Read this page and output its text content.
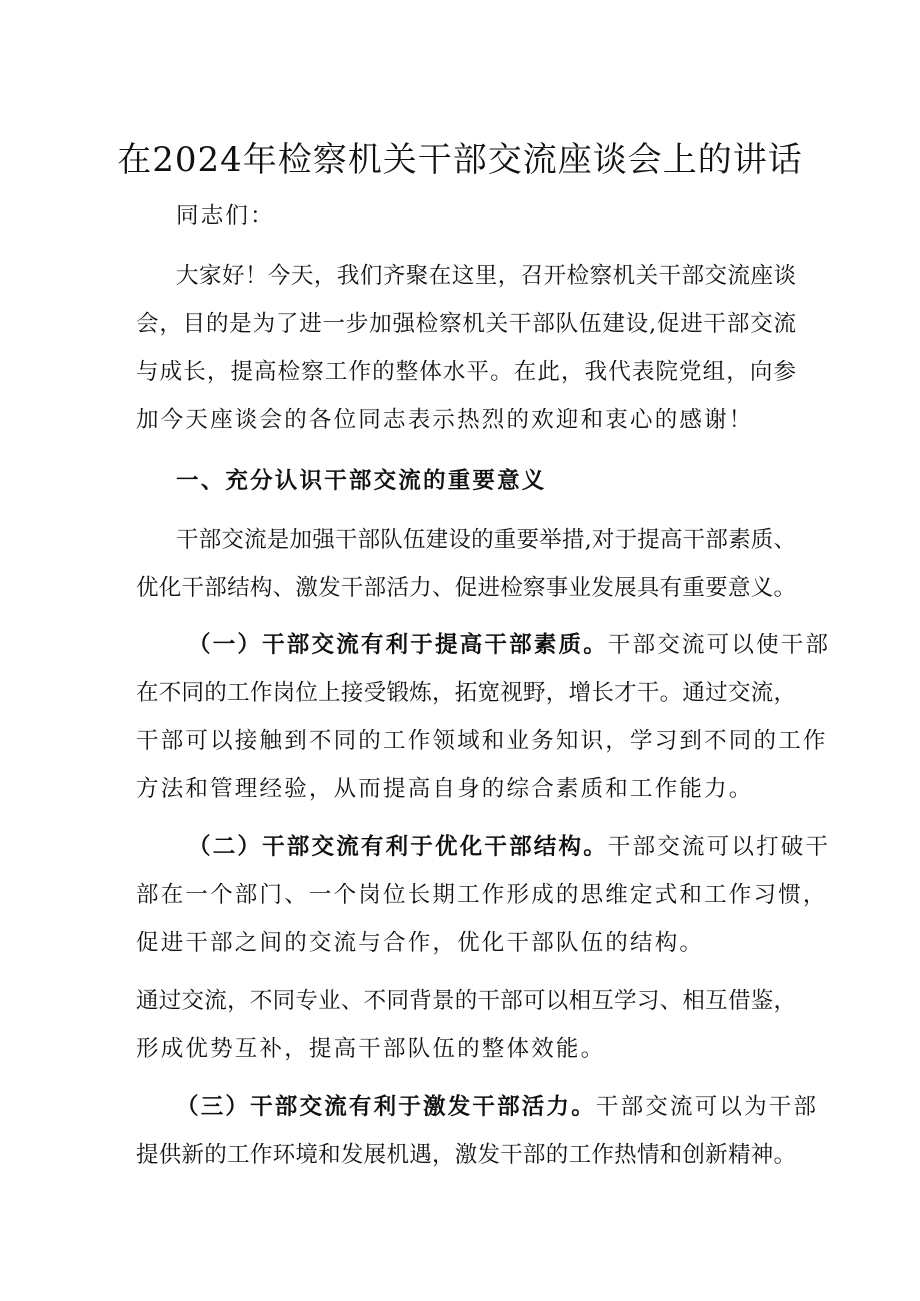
在2024年检察机关干部交流座谈会上的讲话

同志们：

大家好！今天，我们齐聚在这里，召开检察机关干部交流座谈

会，目的是为了进一步加强检察机关干部队伍建设,促进干部交流

与成长，提高检察工作的整体水平。在此，我代表院党组，向参

加今天座谈会的各位同志表示热烈的欢迎和衷心的感谢！

一、充分认识干部交流的重要意义

干部交流是加强干部队伍建设的重要举措,对于提高干部素质、

优化干部结构、激发干部活力、促进检察事业发展具有重要意义。

（一）干部交流有利于提高干部素质。干部交流可以使干部

在不同的工作岗位上接受锻炼，拓宽视野，增长才干。通过交流，

干部可以接触到不同的工作领域和业务知识，学习到不同的工作

方法和管理经验，从而提高自身的综合素质和工作能力。

（二）干部交流有利于优化干部结构。干部交流可以打破干

部在一个部门、一个岗位长期工作形成的思维定式和工作习惯，

促进干部之间的交流与合作，优化干部队伍的结构。

通过交流，不同专业、不同背景的干部可以相互学习、相互借鉴，

形成优势互补，提高干部队伍的整体效能。

（三）干部交流有利于激发干部活力。干部交流可以为干部

提供新的工作环境和发展机遇，激发干部的工作热情和创新精神。
